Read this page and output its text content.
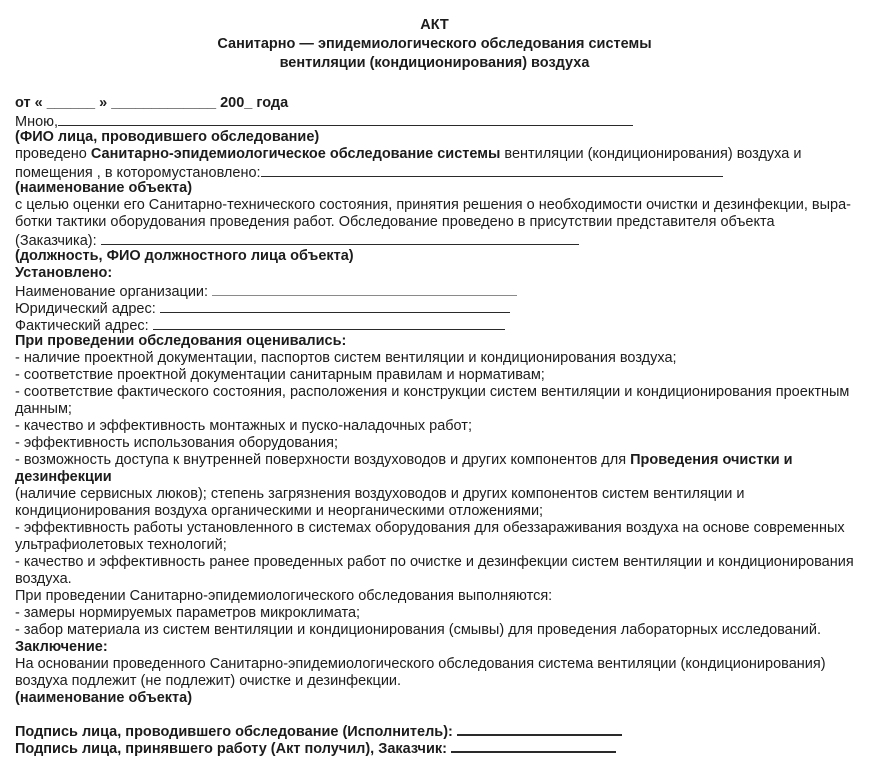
АКТ
Санитарно — эпидемиологического обследования системы
вентиляции (кондиционирования) воздуха
от « ______ » _____________ 200_ года
Мною,
(ФИО лица, проводившего обследование)
проведено Санитарно-эпидемиологическое обследование системы вентиляции (кондиционирования) воздуха и
помещения , в которомустановлено:
(наименование объекта)
с целью оценки его Санитарно-технического состояния, принятия решения о необходимости очистки и дезинфекции, выра-
ботки тактики оборудования проведения работ. Обследование проведено в присутствии представителя объекта
(Заказчика):
(должность, ФИО должностного лица объекта)
Установлено:
Наименование организации:
Юридический адрес:
Фактический адрес:
При проведении обследования оценивались:
- наличие проектной документации, паспортов систем вентиляции и кондиционирования воздуха;
- соответствие проектной документации санитарным правилам и нормативам;
- соответствие фактического состояния, расположения и конструкции систем вентиляции и кондиционирования проектным
данным;
- качество и эффективность монтажных и пуско-наладочных работ;
- эффективность использования оборудования;
- возможность доступа к внутренней поверхности воздуховодов и других компонентов для Проведения очистки и
дезинфекции
(наличие сервисных люков); степень загрязнения воздуховодов и других компонентов систем вентиляции и
кондиционирования воздуха органическими и неорганическими отложениями;
- эффективность работы установленного в системах оборудования для обеззараживания воздуха на основе современных
ультрафиолетовых технологий;
- качество и эффективность ранее проведенных работ по очистке и дезинфекции систем вентиляции и кондиционирования
воздуха.
При проведении Санитарно-эпидемиологического обследования выполняются:
- замеры нормируемых параметров микроклимата;
- забор материала из систем вентиляции и кондиционирования (смывы) для проведения лабораторных исследований.
Заключение:
На основании проведенного Санитарно-эпидемиологического обследования система вентиляции (кондиционирования)
воздуха подлежит (не подлежит) очистке и дезинфекции.
(наименование объекта)
Подпись лица, проводившего обследование (Исполнитель):
Подпись лица, принявшего работу (Акт получил), Заказчик:
